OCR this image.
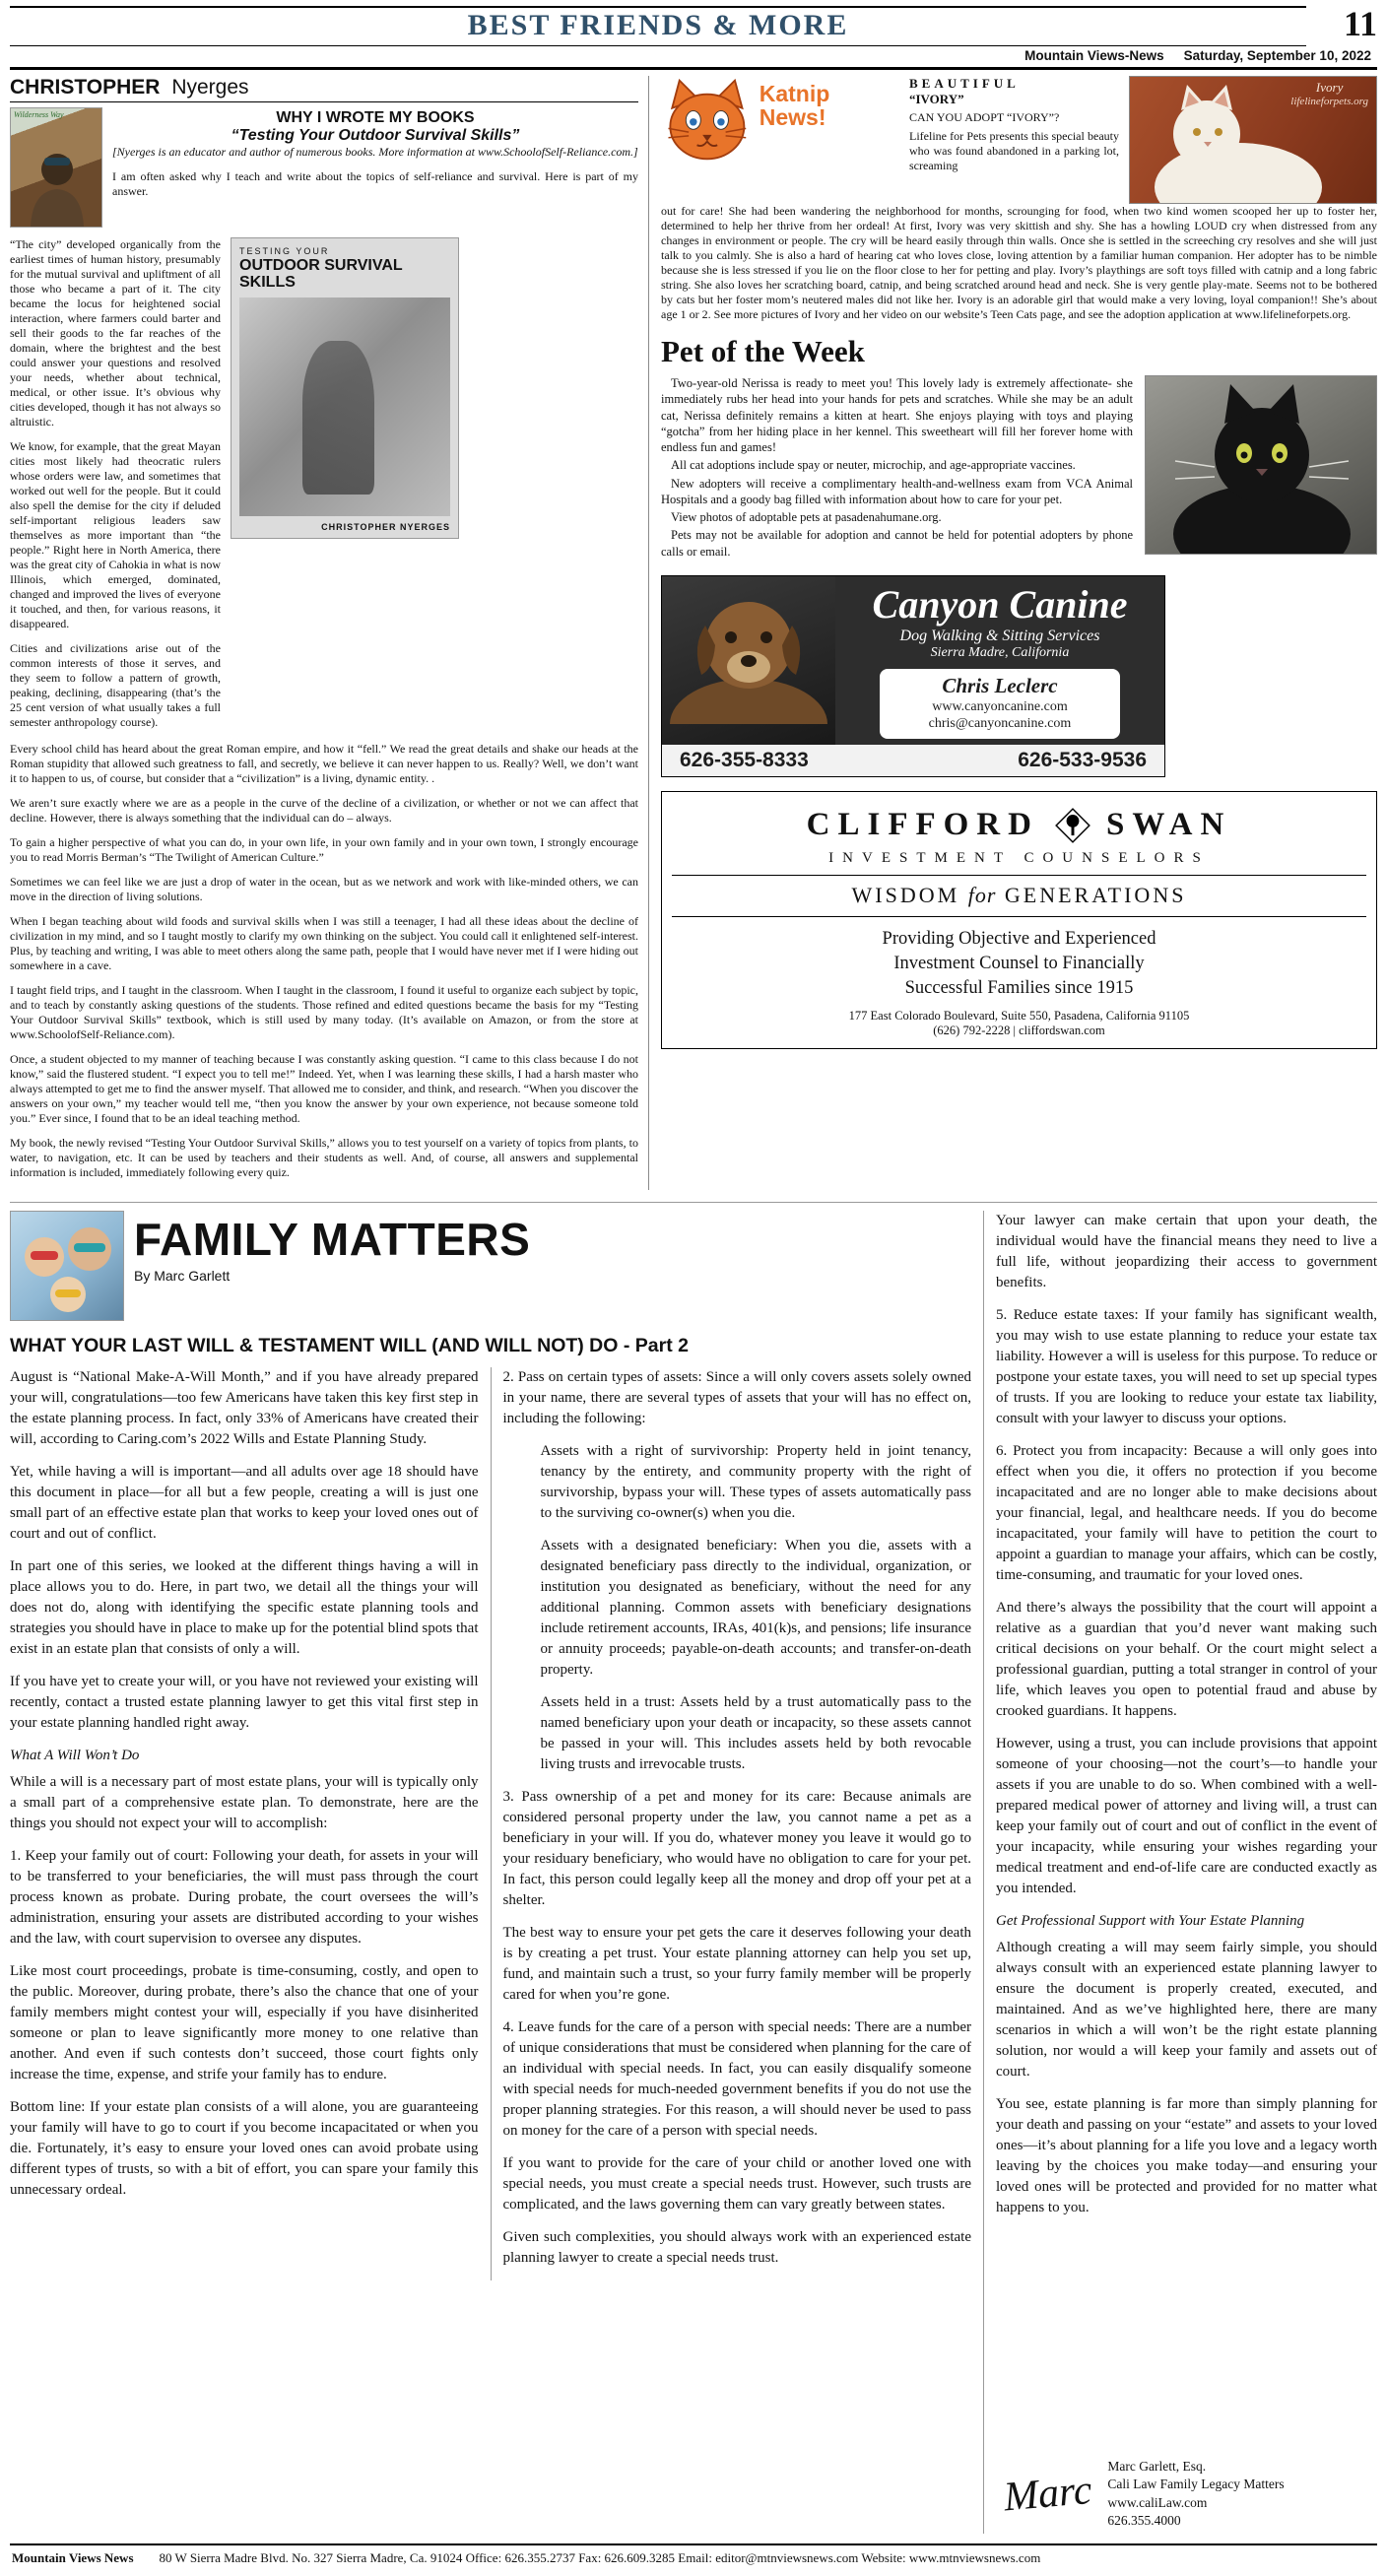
BEST FRIENDS & MORE	11
Mountain Views-News Saturday, September 10, 2022
CHRISTOPHER Nyerges
Wilderness Way	WHY I WROTE MY BOOKS
“Testing Your Outdoor Survival Skills”

[Nyerges is an educator and author of numerous books. More information at www.SchoolofSelf-Reliance.com.]

I am often asked why I teach and write about the topics of self-reliance and survival. Here is part of my answer.

“The city” developed organically from the earliest times of human history, presumably for the mutual survival and upliftment of all those who became a part of it. The city became the locus for heightened social interaction, where farmers could barter and sell their goods to the far reaches of the domain, where the brightest and the best could answer your questions and resolved your needs, whether about technical, medical, or other issue. It’s obvious why cities developed, though it has not always so altruistic.

We know, for example, that the great Mayan cities most likely had theocratic rulers whose orders were law, and sometimes that worked out well for the people. But it could also spell the demise for the city if deluded self-important religious leaders saw themselves as more important than “the people.” Right here in North America, there was the great city of Cahokia in what is now Illinois, which emerged, dominated, changed and improved the lives of everyone it touched, and then, for various reasons, it disappeared.

Cities and civilizations arise out of the common interests of those it serves, and they seem to follow a pattern of growth, peaking, declining, disappearing (that’s the 25 cent version of what usually takes a full semester anthropology course).

TESTING YOUR
OUTDOOR SURVIVAL SKILLS
CHRISTOPHER NYERGES

Every school child has heard about the great Roman empire, and how it “fell.” We read the great details and shake our heads at the Roman stupidity that allowed such greatness to fall, and secretly, we believe it can never happen to us. Really? Well, we don’t want it to happen to us, of course, but consider that a “civilization” is a living, dynamic entity. .

We aren’t sure exactly where we are as a people in the curve of the decline of a civilization, or whether or not we can affect that decline. However, there is always something that the individual can do – always.

To gain a higher perspective of what you can do, in your own life, in your own family and in your own town, I strongly encourage you to read Morris Berman’s “The Twilight of American Culture.”

Sometimes we can feel like we are just a drop of water in the ocean, but as we network and work with like-minded others, we can move in the direction of living solutions.

When I began teaching about wild foods and survival skills when I was still a teenager, I had all these ideas about the decline of civilization in my mind, and so I taught mostly to clarify my own thinking on the subject. You could call it enlightened self-interest. Plus, by teaching and writing, I was able to meet others along the same path, people that I would have never met if I were hiding out somewhere in a cave.

I taught field trips, and I taught in the classroom. When I taught in the classroom, I found it useful to organize each subject by topic, and to teach by constantly asking questions of the students. Those refined and edited questions became the basis for my “Testing Your Outdoor Survival Skills” textbook, which is still used by many today. (It’s available on Amazon, or from the store at www.SchoolofSelf-Reliance.com).

Once, a student objected to my manner of teaching because I was constantly asking question. “I came to this class because I do not know,” said the flustered student. “I expect you to tell me!” Indeed. Yet, when I was learning these skills, I had a harsh master who always attempted to get me to find the answer myself. That allowed me to consider, and think, and research. “When you discover the answers on your own,” my teacher would tell me, “then you know the answer by your own experience, not because someone told you.” Ever since, I found that to be an ideal teaching method.

My book, the newly revised “Testing Your Outdoor Survival Skills,” allows you to test yourself on a variety of topics from plants, to water, to navigation, etc. It can be used by teachers and their students as well. And, of course, all answers and supplemental information is included, immediately following every quiz.

Katnip News!
BEAUTIFUL
“IVORY”

CAN YOU ADOPT “IVORY”?

Lifeline for Pets presents this special beauty who was found abandoned in a parking lot, screaming

Ivory
lifelineforpets.org

out for care! She had been wandering the neighborhood for months, scrounging for food, when two kind women scooped her up to foster her, determined to help her thrive from her ordeal! At first, Ivory was very skittish and shy. She has a howling LOUD cry when distressed from any changes in environment or people. The cry will be heard easily through thin walls. Once she is settled in the screeching cry resolves and she will just talk to you calmly. She is also a hard of hearing cat who loves close, loving attention by a familiar human companion. Her adopter has to be nimble because she is less stressed if you lie on the floor close to her for petting and play. Ivory’s playthings are soft toys filled with catnip and a long fabric string. She also loves her scratching board, catnip, and being scratched around head and neck. She is very gentle play-mate. Seems not to be bothered by cats but her foster mom’s neutered males did not like her. Ivory is an adorable girl that would make a very loving, loyal companion!! She’s about age 1 or 2. See more pictures of Ivory and her video on our website’s Teen Cats page, and see the adoption application at www.lifelineforpets.org.

Pet of the Week

Two-year-old Nerissa is ready to meet you! This lovely lady is extremely affectionate- she immediately rubs her head into your hands for pets and scratches. While she may be an adult cat, Nerissa definitely remains a kitten at heart. She enjoys playing with toys and playing “gotcha” from her hiding place in her kennel. This sweetheart will fill her forever home with endless fun and games!

All cat adoptions include spay or neuter, microchip, and age-appropriate vaccines.

New adopters will receive a complimentary health-and-wellness exam from VCA Animal Hospitals and a goody bag filled with information about how to care for your pet.

View photos of adoptable pets at pasadenahumane.org.

Pets may not be available for adoption and cannot be held for potential adopters by phone calls or email.

Canyon Canine
Dog Walking & Sitting Services
Sierra Madre, California
Chris Leclerc
www.canyoncanine.com
chris@canyoncanine.com
626-355-8333	626-533-9536
CLIFFORD SWAN
INVESTMENT COUNSELORS
WISDOM for GENERATIONS
Providing Objective and Experienced
Investment Counsel to Financially
Successful Families since 1915
177 East Colorado Boulevard, Suite 550, Pasadena, California 91105
(626) 792-2228 | cliffordswan.com
FAMILY MATTERS
By Marc Garlett
WHAT YOUR LAST WILL & TESTAMENT WILL (AND WILL NOT) DO - Part 2

August is “National Make-A-Will Month,” and if you have already prepared your will, congratulations—too few Americans have taken this key first step in the estate planning process. In fact, only 33% of Americans have created their will, according to Caring.com’s 2022 Wills and Estate Planning Study.

Yet, while having a will is important—and all adults over age 18 should have this document in place—for all but a few people, creating a will is just one small part of an effective estate plan that works to keep your loved ones out of court and out of conflict.

In part one of this series, we looked at the different things having a will in place allows you to do. Here, in part two, we detail all the things your will does not do, along with identifying the specific estate planning tools and strategies you should have in place to make up for the potential blind spots that exist in an estate plan that consists of only a will.

If you have yet to create your will, or you have not reviewed your existing will recently, contact a trusted estate planning lawyer to get this vital first step in your estate planning handled right away.

What A Will Won’t Do

While a will is a necessary part of most estate plans, your will is typically only a small part of a comprehensive estate plan. To demonstrate, here are the things you should not expect your will to accomplish:

1. Keep your family out of court: Following your death, for assets in your will to be transferred to your beneficiaries, the will must pass through the court process known as probate. During probate, the court oversees the will’s administration, ensuring your assets are distributed according to your wishes and the law, with court supervision to oversee any disputes.

Like most court proceedings, probate is time-consuming, costly, and open to the public. Moreover, during probate, there’s also the chance that one of your family members might contest your will, especially if you have disinherited someone or plan to leave significantly more money to one relative than another. And even if such contests don’t succeed, those court fights only increase the time, expense, and strife your family has to endure.

Bottom line: If your estate plan consists of a will alone, you are guaranteeing your family will have to go to court if you become incapacitated or when you die. Fortunately, it’s easy to ensure your loved ones can avoid probate using different types of trusts, so with a bit of effort, you can spare your family this unnecessary ordeal.

2. Pass on certain types of assets: Since a will only covers assets solely owned in your name, there are several types of assets that your will has no effect on, including the following:

Assets with a right of survivorship: Property held in joint tenancy, tenancy by the entirety, and community property with the right of survivorship, bypass your will. These types of assets automatically pass to the surviving co-owner(s) when you die.

Assets with a designated beneficiary: When you die, assets with a designated beneficiary pass directly to the individual, organization, or institution you designated as beneficiary, without the need for any additional planning. Common assets with beneficiary designations include retirement accounts, IRAs, 401(k)s, and pensions; life insurance or annuity proceeds; payable-on-death accounts; and transfer-on-death property.

Assets held in a trust: Assets held by a trust automatically pass to the named beneficiary upon your death or incapacity, so these assets cannot be passed in your will. This includes assets held by both revocable living trusts and irrevocable trusts.

3. Pass ownership of a pet and money for its care: Because animals are considered personal property under the law, you cannot name a pet as a beneficiary in your will. If you do, whatever money you leave it would go to your residuary beneficiary, who would have no obligation to care for your pet. In fact, this person could legally keep all the money and drop off your pet at a shelter.

The best way to ensure your pet gets the care it deserves following your death is by creating a pet trust. Your estate planning attorney can help you set up, fund, and maintain such a trust, so your furry family member will be properly cared for when you’re gone.

4. Leave funds for the care of a person with special needs: There are a number of unique considerations that must be considered when planning for the care of an individual with special needs. In fact, you can easily disqualify someone with special needs for much-needed government benefits if you do not use the proper planning strategies. For this reason, a will should never be used to pass on money for the care of a person with special needs.

If you want to provide for the care of your child or another loved one with special needs, you must create a special needs trust. However, such trusts are complicated, and the laws governing them can vary greatly between states.

Given such complexities, you should always work with an experienced estate planning lawyer to create a special needs trust.

Your lawyer can make certain that upon your death, the individual would have the financial means they need to live a full life, without jeopardizing their access to government benefits.

5. Reduce estate taxes: If your family has significant wealth, you may wish to use estate planning to reduce your estate tax liability. However a will is useless for this purpose. To reduce or postpone your estate taxes, you will need to set up special types of trusts. If you are looking to reduce your estate tax liability, consult with your lawyer to discuss your options.

6. Protect you from incapacity: Because a will only goes into effect when you die, it offers no protection if you become incapacitated and are no longer able to make decisions about your financial, legal, and healthcare needs. If you do become incapacitated, your family will have to petition the court to appoint a guardian to manage your affairs, which can be costly, time-consuming, and traumatic for your loved ones.

And there’s always the possibility that the court will appoint a relative as a guardian that you’d never want making such critical decisions on your behalf. Or the court might select a professional guardian, putting a total stranger in control of your life, which leaves you open to potential fraud and abuse by crooked guardians. It happens.

However, using a trust, you can include provisions that appoint someone of your choosing—not the court’s—to handle your assets if you are unable to do so. When combined with a well-prepared medical power of attorney and living will, a trust can keep your family out of court and out of conflict in the event of your incapacity, while ensuring your wishes regarding your medical treatment and end-of-life care are conducted exactly as you intended.

Get Professional Support with Your Estate Planning

Although creating a will may seem fairly simple, you should always consult with an experienced estate planning lawyer to ensure the document is properly created, executed, and maintained. And as we’ve highlighted here, there are many scenarios in which a will won’t be the right estate planning solution, nor would a will keep your family and assets out of court.

You see, estate planning is far more than simply planning for your death and passing on your “estate” and assets to your loved ones—it’s about planning for a life you love and a legacy worth leaving by the choices you make today—and ensuring your loved ones will be protected and provided for no matter what happens to you.

Marc
Marc Garlett, Esq.
Cali Law Family Legacy Matters
www.caliLaw.com
626.355.4000
Mountain Views News 80 W Sierra Madre Blvd. No. 327 Sierra Madre, Ca. 91024 Office: 626.355.2737 Fax: 626.609.3285 Email: editor@mtnviewsnews.com Website: www.mtnviewsnews.com
